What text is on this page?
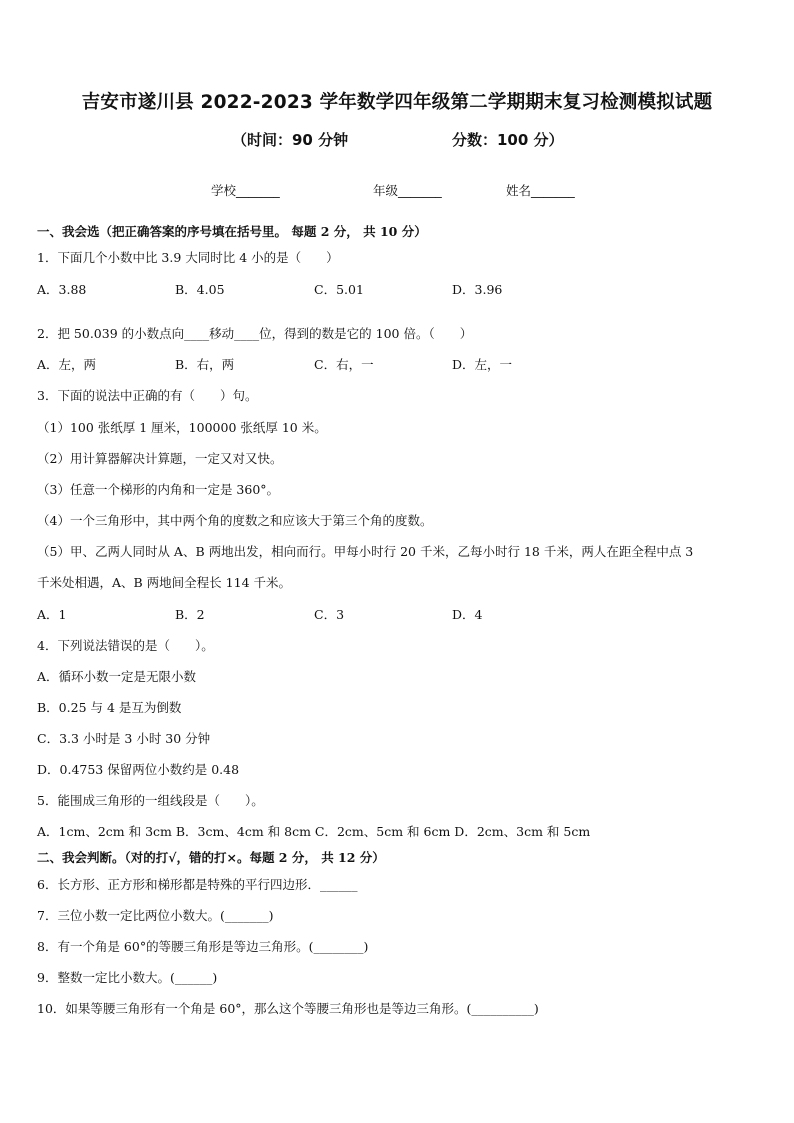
吉安市遂川县 2022-2023 学年数学四年级第二学期期末复习检测模拟试题
（时间：90 分钟	分数：100 分）
学校_______	年级_______	姓名_______
一、我会选（把正确答案的序号填在括号里。 每题 2 分， 共 10 分）
1．下面几个小数中比 3.9 大同时比 4 小的是（　　）
A．3.88	B．4.05	C．5.01	D．3.96
2．把 50.039 的小数点向____移动____位，得到的数是它的 100 倍。（　　）
A．左，两	B．右，两	C．右，一	D．左，一
3．下面的说法中正确的有（　　）句。
（1）100 张纸厚 1 厘米，100000 张纸厚 10 米。
（2）用计算器解决计算题，一定又对又快。
（3）任意一个梯形的内角和一定是 360°。
（4）一个三角形中，其中两个角的度数之和应该大于第三个角的度数。
（5）甲、乙两人同时从 A、B 两地出发，相向而行。甲每小时行 20 千米，乙每小时行 18 千米，两人在距全程中点 3
千米处相遇，A、B 两地间全程长 114 千米。
A．1	B．2	C．3	D．4
4．下列说法错误的是（　　）。
A．循环小数一定是无限小数
B．0.25 与 4 是互为倒数
C．3.3 小时是 3 小时 30 分钟
D．0.4753 保留两位小数约是 0.48
5．能围成三角形的一组线段是（　　）。
A．1cm、2cm 和 3cm B．3cm、4cm 和 8cm C．2cm、5cm 和 6cm D．2cm、3cm 和 5cm
二、我会判断。（对的打√，错的打×。每题 2 分， 共 12 分）
6．长方形、正方形和梯形都是特殊的平行四边形．______
7．三位小数一定比两位小数大。(_______)
8．有一个角是 60°的等腰三角形是等边三角形。(________)
9．整数一定比小数大。(______)
10．如果等腰三角形有一个角是 60°，那么这个等腰三角形也是等边三角形。(__________)
